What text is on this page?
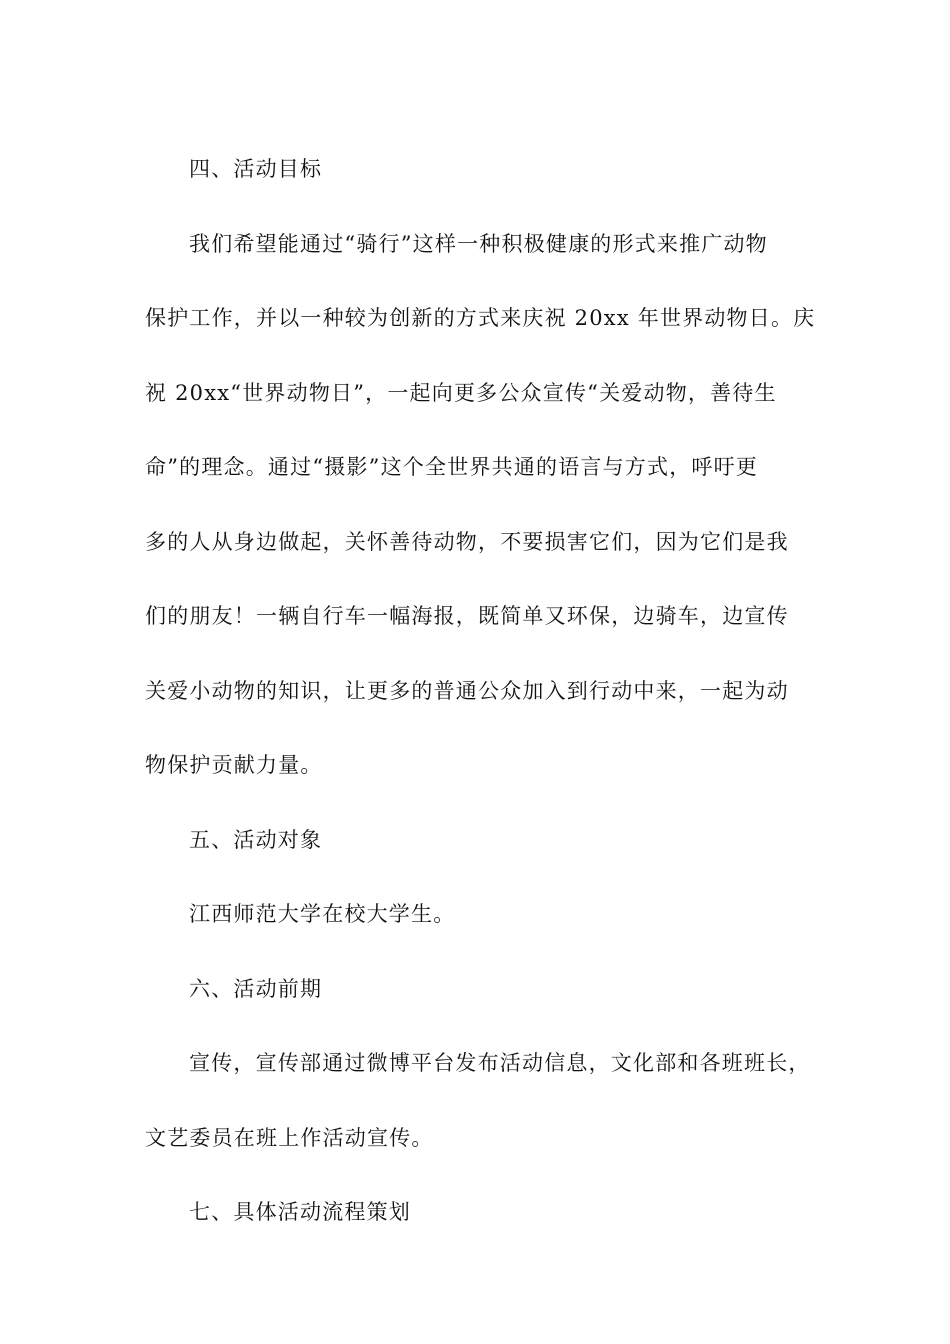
四、活动目标
我们希望能通过“骑行”这样一种积极健康的形式来推广动物
保护工作，并以一种较为创新的方式来庆祝 20xx 年世界动物日。庆
祝 20xx“世界动物日”，一起向更多公众宣传“关爱动物，善待生
命”的理念。通过“摄影”这个全世界共通的语言与方式，呼吁更
多的人从身边做起，关怀善待动物，不要损害它们，因为它们是我
们的朋友！一辆自行车一幅海报，既简单又环保，边骑车，边宣传
关爱小动物的知识，让更多的普通公众加入到行动中来，一起为动
物保护贡献力量。
五、活动对象
江西师范大学在校大学生。
六、活动前期
宣传，宣传部通过微博平台发布活动信息，文化部和各班班长，
文艺委员在班上作活动宣传。
七、具体活动流程策划
